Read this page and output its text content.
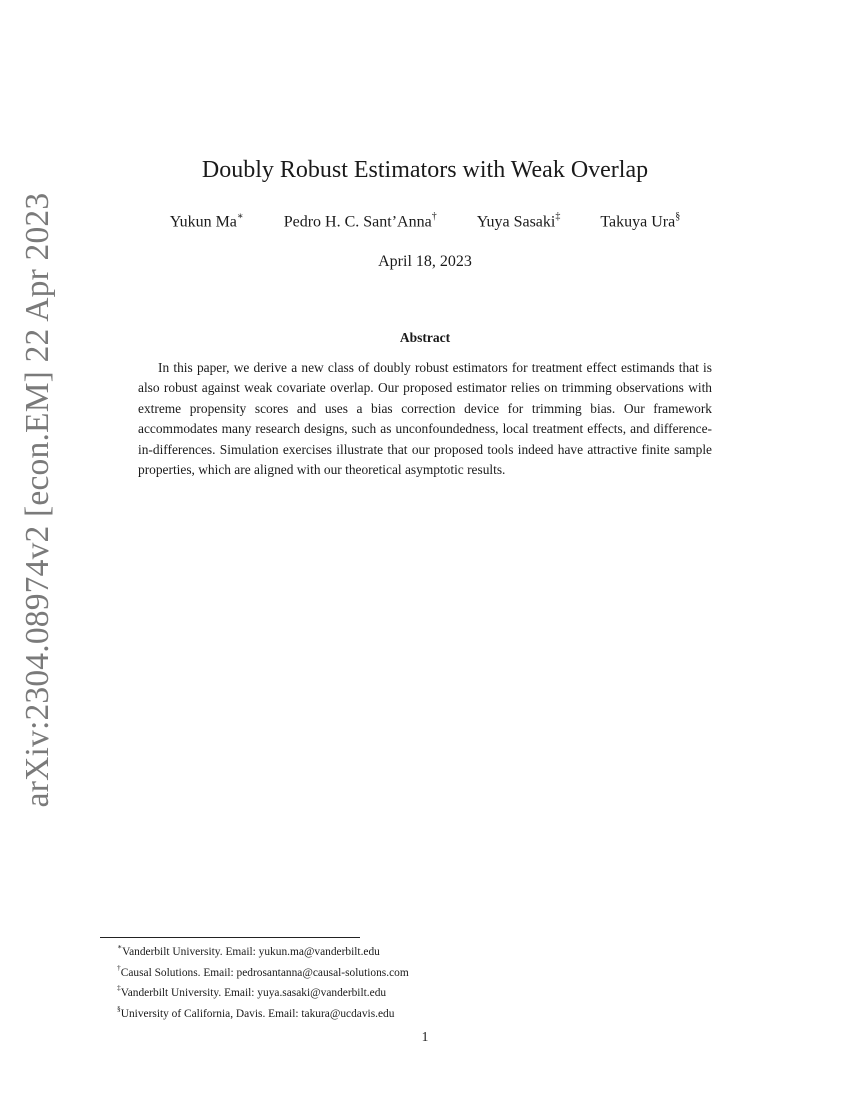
arXiv:2304.08974v2 [econ.EM] 22 Apr 2023
Doubly Robust Estimators with Weak Overlap
Yukun Ma∗	Pedro H. C. Sant’Anna†	Yuya Sasaki‡	Takuya Ura§
April 18, 2023
Abstract
In this paper, we derive a new class of doubly robust estimators for treatment effect estimands that is also robust against weak covariate overlap. Our proposed estimator relies on trimming observations with extreme propensity scores and uses a bias correction device for trimming bias. Our framework accommodates many research designs, such as unconfoundedness, local treatment effects, and difference-in-differences. Simulation exercises illustrate that our proposed tools indeed have attractive finite sample properties, which are aligned with our theoretical asymptotic results.
∗Vanderbilt University. Email: yukun.ma@vanderbilt.edu
†Causal Solutions. Email: pedrosantanna@causal-solutions.com
‡Vanderbilt University. Email: yuya.sasaki@vanderbilt.edu
§University of California, Davis. Email: takura@ucdavis.edu
1
